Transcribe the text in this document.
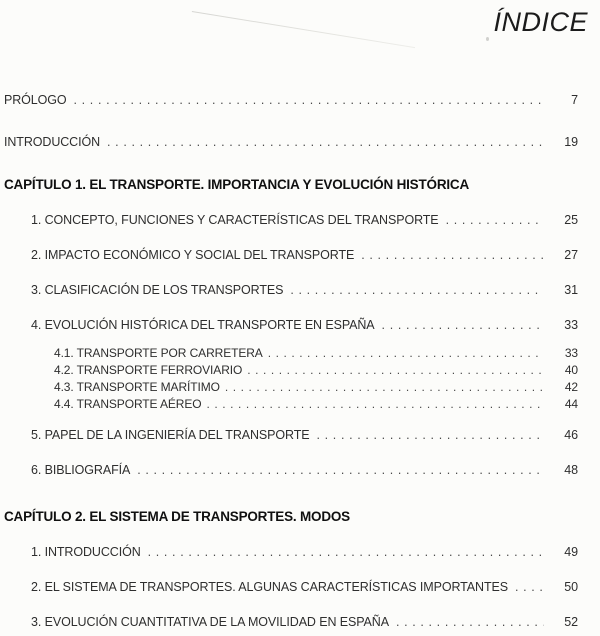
ÍNDICE
PRÓLOGO . . .	7
INTRODUCCIÓN . . .	19
CAPÍTULO 1. EL TRANSPORTE. IMPORTANCIA Y EVOLUCIÓN HISTÓRICA
1. CONCEPTO, FUNCIONES Y CARACTERÍSTICAS DEL TRANSPORTE . . .	25
2. IMPACTO ECONÓMICO Y SOCIAL DEL TRANSPORTE . . .	27
3. CLASIFICACIÓN DE LOS TRANSPORTES . . .	31
4. EVOLUCIÓN HISTÓRICA DEL TRANSPORTE EN ESPAÑA . . .	33
4.1. TRANSPORTE POR CARRETERA . . .	33
4.2. TRANSPORTE FERROVIARIO . . .	40
4.3. TRANSPORTE MARÍTIMO . . .	42
4.4. TRANSPORTE AÉREO . . .	44
5. PAPEL DE LA INGENIERÍA DEL TRANSPORTE . . .	46
6. BIBLIOGRAFÍA . . .	48
CAPÍTULO 2. EL SISTEMA DE TRANSPORTES. MODOS
1. INTRODUCCIÓN . . .	49
2. EL SISTEMA DE TRANSPORTES. ALGUNAS CARACTERÍSTICAS IMPORTANTES . . .	50
3. EVOLUCIÓN CUANTITATIVA DE LA MOVILIDAD EN ESPAÑA . . .	52
